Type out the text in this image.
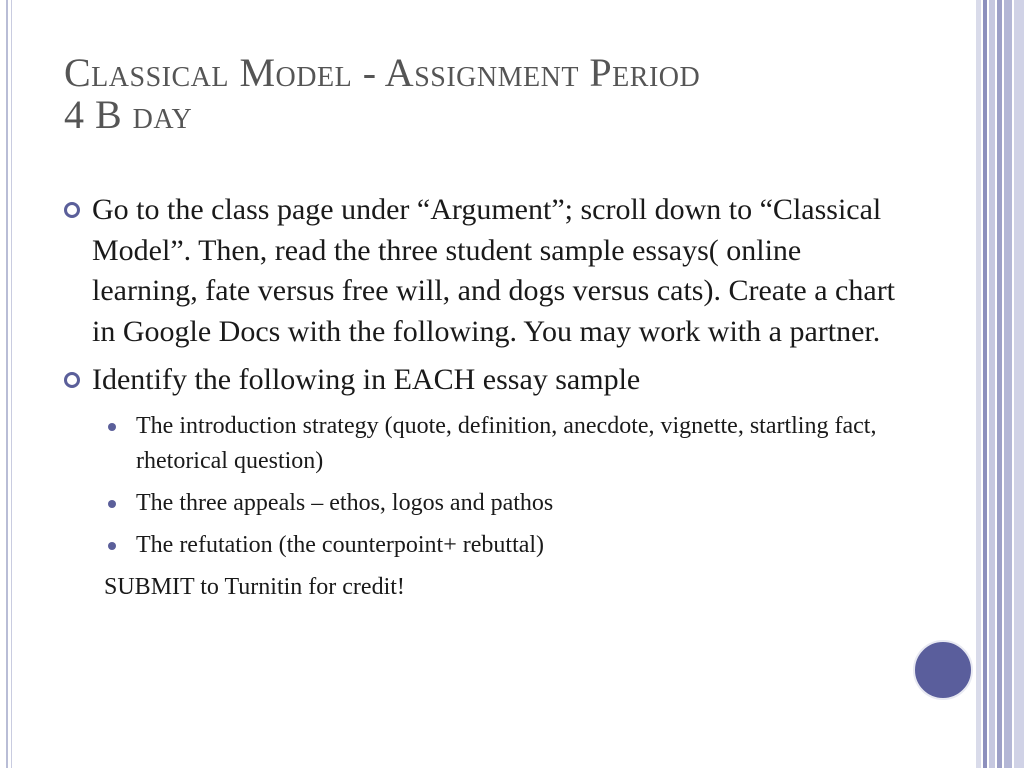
Classical Model - Assignment Period
4 B day
Go to the class page under “Argument”; scroll down to “Classical Model”. Then, read the three student sample essays( online learning, fate versus free will, and dogs versus cats). Create a chart in Google Docs with the following. You may work with a partner.
Identify the following in EACH essay sample
The introduction strategy (quote, definition, anecdote, vignette, startling fact, rhetorical question)
The three appeals – ethos, logos and pathos
The refutation (the counterpoint+ rebuttal)
SUBMIT to Turnitin for credit!
